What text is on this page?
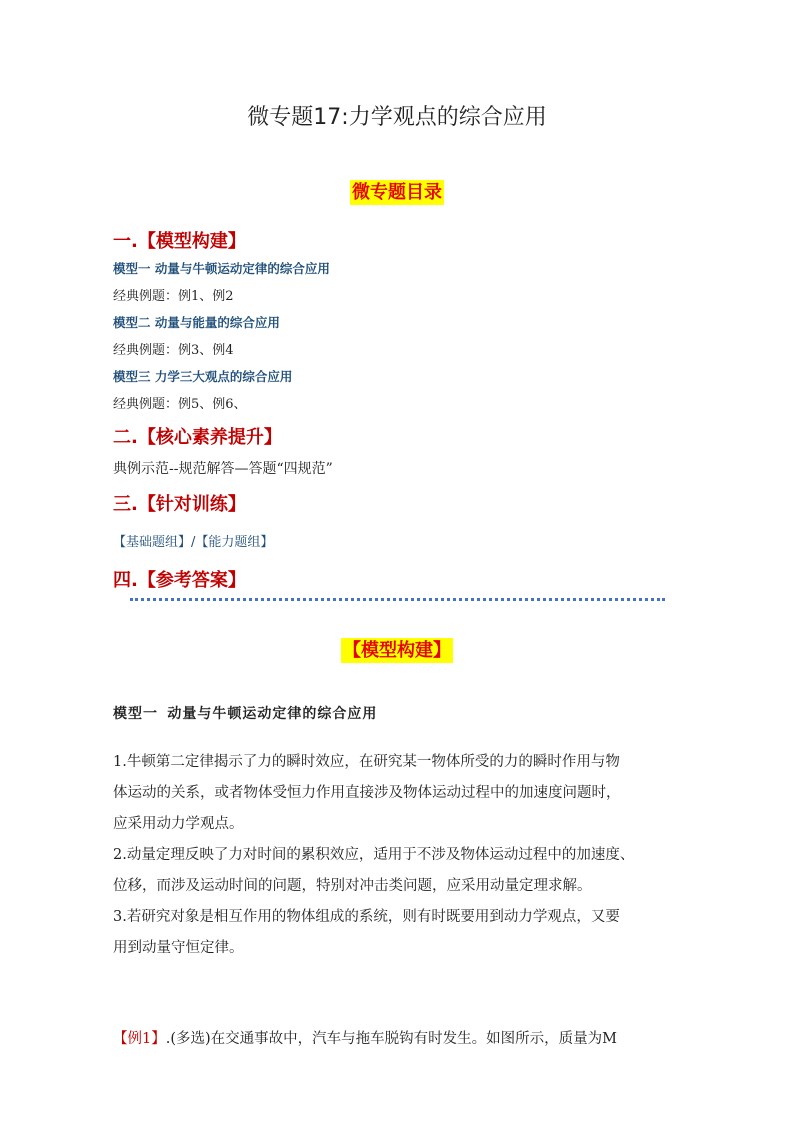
微专题17:力学观点的综合应用
微专题目录
一.【模型构建】
模型一 动量与牛顿运动定律的综合应用
经典例题：例1、例2
模型二 动量与能量的综合应用
经典例题：例3、例4
模型三 力学三大观点的综合应用
经典例题：例5、例6、
二.【核心素养提升】
典例示范--规范解答—答题“四规范”
三.【针对训练】
【基础题组】/【能力题组】
四.【参考答案】
【模型构建】
模型一 动量与牛顿运动定律的综合应用
1.牛顿第二定律揭示了力的瞬时效应，在研究某一物体所受的力的瞬时作用与物
体运动的关系，或者物体受恒力作用直接涉及物体运动过程中的加速度问题时，
应采用动力学观点。
2.动量定理反映了力对时间的累积效应，适用于不涉及物体运动过程中的加速度、
位移，而涉及运动时间的问题，特别对冲击类问题，应采用动量定理求解。
3.若研究对象是相互作用的物体组成的系统，则有时既要用到动力学观点，又要
用到动量守恒定律。
【例1】.(多选)在交通事故中，汽车与拖车脱钩有时发生。如图所示，质量为M
